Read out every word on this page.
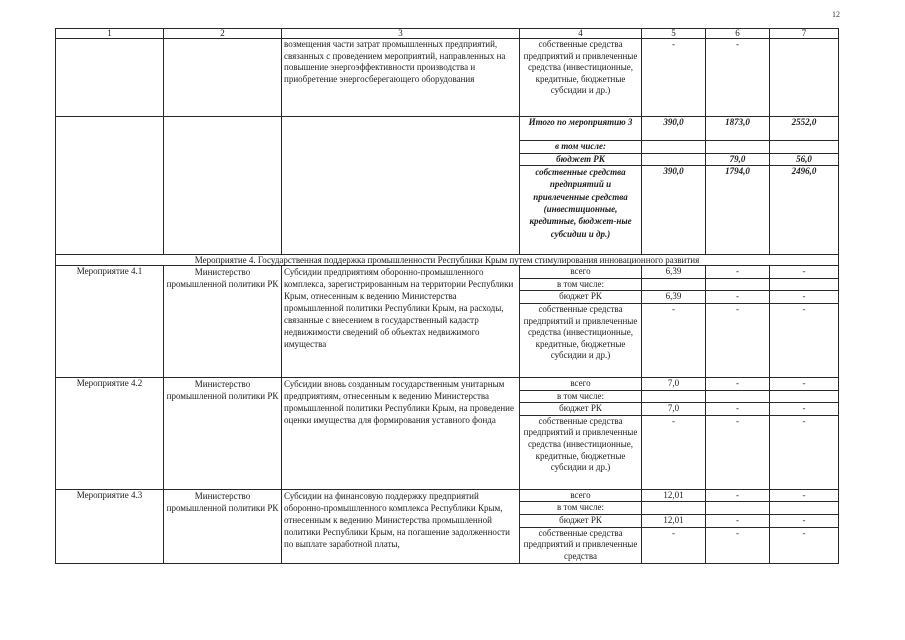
12
1	2	3	4	5	6	7
		возмещения части затрат промышленных предприятий, связанных с проведением мероприятий, направленных на повышение энергоэффективности производства и приобретение энергосберегающего оборудования	собственные средства предприятий и привлеченные средства (инвестиционные, кредитные, бюджетные субсидии и др.)	-	-	
			Итого по мероприятию 3	390,0	1873,0	2552,0
			в том числе:			
			бюджет РК		79,0	56,0
			собственные средства предприятий и привлеченные средства (инвестиционные, кредитные, бюджет-ные субсидии и др.)	390,0	1794,0	2496,0
Мероприятие 4. Государственная поддержка промышленности Республики Крым путем стимулирования инновационного развития						
Мероприятие 4.1	Министерство промышленной политики РК	Субсидии предприятиям оборонно-промышленного комплекса, зарегистрированным на территории Республики Крым, отнесенным к ведению Министерства промышленной политики Республики Крым, на расходы, связанные с внесением в государственный кадастр недвижимости сведений об объектах недвижимого имущества	всего	6,39	-	-
			в том числе:			
			бюджет РК	6,39	-	-
			собственные средства предприятий и привлеченные средства (инвестиционные, кредитные, бюджетные субсидии и др.)	-	-	-
Мероприятие 4.2	Министерство промышленной политики РК	Субсидии вновь созданным государственным унитарным предприятиям, отнесенным к ведению Министерства промышленной политики Республики Крым, на проведение оценки имущества для формирования уставного фонда	всего	7,0	-	-
			в том числе:			
			бюджет РК	7,0	-	-
			собственные средства предприятий и привлеченные средства (инвестиционные, кредитные, бюджетные субсидии и др.)	-	-	-
Мероприятие 4.3	Министерство промышленной политики РК	Субсидии на финансовую поддержку предприятий оборонно-промышленного комплекса Республики Крым, отнесенным к ведению Министерства промышленной политики Республики Крым, на погашение задолженности по выплате заработной платы,	всего	12,01	-	-
			в том числе:			
			бюджет РК	12,01	-	-
			собственные средства предприятий и привлеченные средства	-	-	-
